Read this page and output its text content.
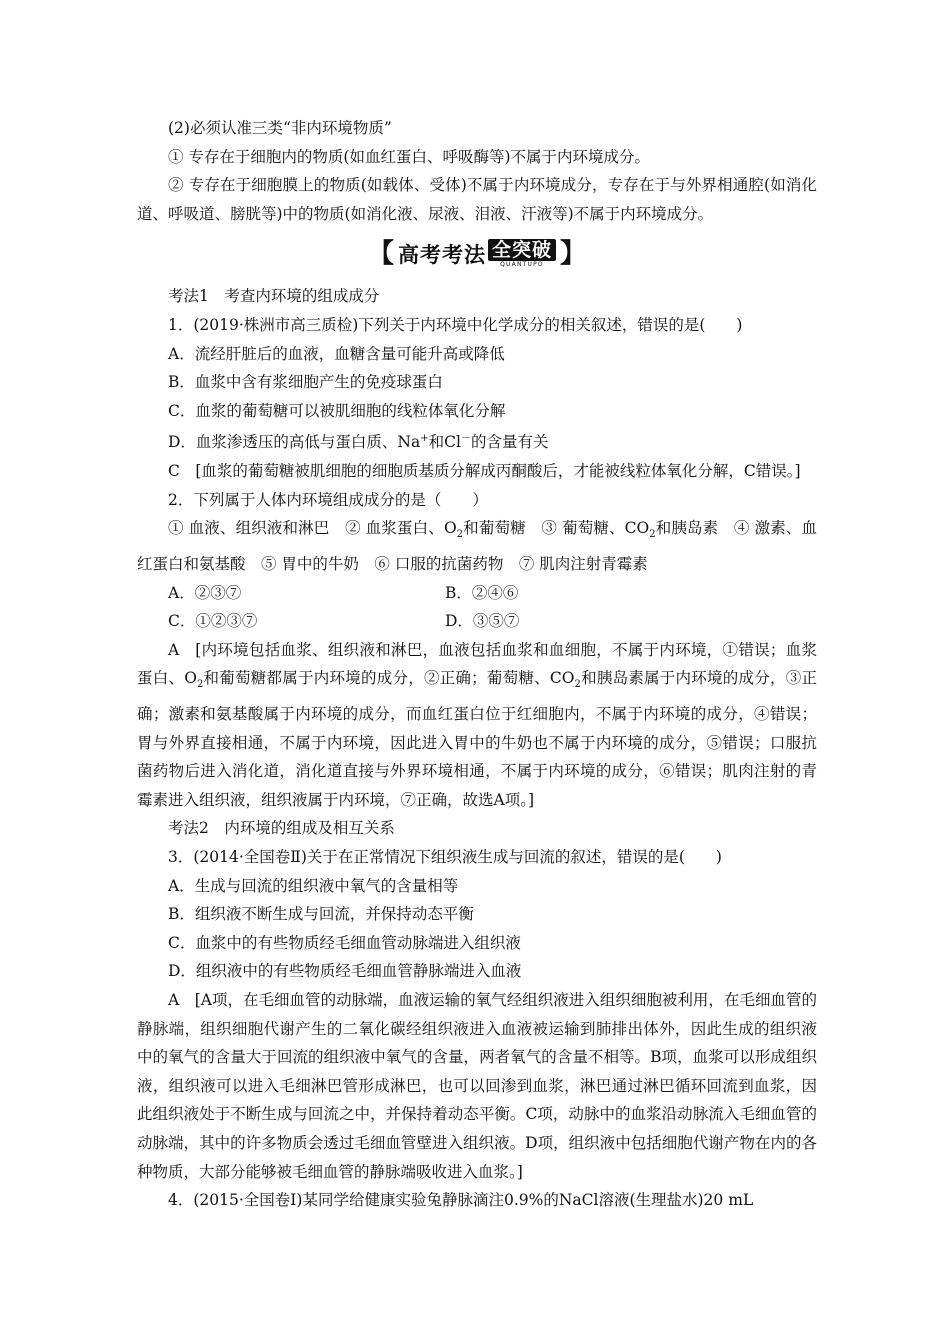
(2)必须认准三类“非内环境物质”

① 专存在于细胞内的物质(如血红蛋白、呼吸酶等)不属于内环境成分。

② 专存在于细胞膜上的物质(如载体、受体)不属于内环境成分，专存在于与外界相通腔(如消化道、呼吸道、膀胱等)中的物质(如消化液、尿液、泪液、汗液等)不属于内环境成分。

【 高考考法 全突破
QUANTUPO 】

考法1　考查内环境的组成成分

1．(2019·株洲市高三质检)下列关于内环境中化学成分的相关叙述，错误的是(　　)

A．流经肝脏后的血液，血糖含量可能升高或降低

B．血浆中含有浆细胞产生的免疫球蛋白

C．血浆的葡萄糖可以被肌细胞的线粒体氧化分解

D．血浆渗透压的高低与蛋白质、Na+和Cl－的含量有关

C　[血浆的葡萄糖被肌细胞的细胞质基质分解成丙酮酸后，才能被线粒体氧化分解，C错误。]

2．下列属于人体内环境组成成分的是（　　）

① 血液、组织液和淋巴　② 血浆蛋白、$O_2$和葡萄糖　③ 葡萄糖、$CO_2$和胰岛素　④ 激素、血红蛋白和氨基酸　⑤ 胃中的牛奶　⑥ 口服的抗菌药物　⑦ 肌肉注射青霉素

A．②③⑦	B．②④⑥

C．①②③⑦	D．③⑤⑦

A　[内环境包括血浆、组织液和淋巴，血液包括血浆和血细胞，不属于内环境，①错误；血浆蛋白、$O_2$和葡萄糖都属于内环境的成分，②正确；葡萄糖、$CO_2$和胰岛素属于内环境的成分，③正确；激素和氨基酸属于内环境的成分，而血红蛋白位于红细胞内，不属于内环境的成分，④错误；胃与外界直接相通，不属于内环境，因此进入胃中的牛奶也不属于内环境的成分，⑤错误；口服抗菌药物后进入消化道，消化道直接与外界环境相通，不属于内环境的成分，⑥错误；肌肉注射的青霉素进入组织液，组织液属于内环境，⑦正确，故选A项。]

考法2　内环境的组成及相互关系

3．(2014·全国卷Ⅱ)关于在正常情况下组织液生成与回流的叙述，错误的是(　　)

A．生成与回流的组织液中氧气的含量相等

B．组织液不断生成与回流，并保持动态平衡

C．血浆中的有些物质经毛细血管动脉端进入组织液

D．组织液中的有些物质经毛细血管静脉端进入血液

A　[A项，在毛细血管的动脉端，血液运输的氧气经组织液进入组织细胞被利用，在毛细血管的静脉端，组织细胞代谢产生的二氧化碳经组织液进入血液被运输到肺排出体外，因此生成的组织液中的氧气的含量大于回流的组织液中氧气的含量，两者氧气的含量不相等。B项，血浆可以形成组织液，组织液可以进入毛细淋巴管形成淋巴，也可以回渗到血浆，淋巴通过淋巴循环回流到血浆，因此组织液处于不断生成与回流之中，并保持着动态平衡。C项，动脉中的血浆沿动脉流入毛细血管的动脉端，其中的许多物质会透过毛细血管壁进入组织液。D项，组织液中包括细胞代谢产物在内的各种物质，大部分能够被毛细血管的静脉端吸收进入血浆。]

4．(2015·全国卷Ⅰ)某同学给健康实验兔静脉滴注0.9%的NaCl溶液(生理盐水)20 mL
